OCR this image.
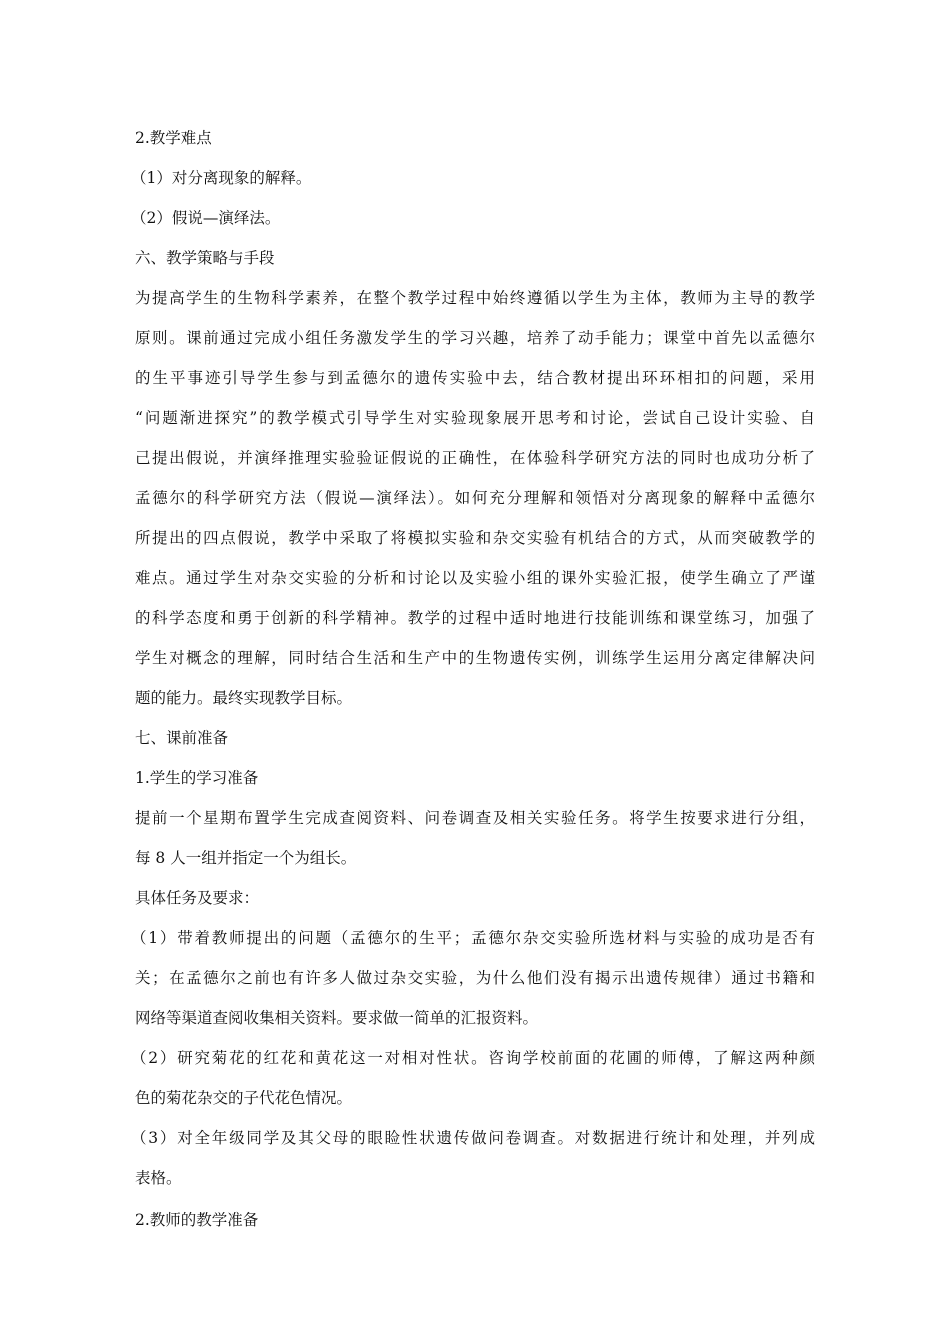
2.教学难点
（1）对分离现象的解释。
（2）假说—演绎法。
六、教学策略与手段
为提高学生的生物科学素养，在整个教学过程中始终遵循以学生为主体，教师为主导的教学
原则。课前通过完成小组任务激发学生的学习兴趣，培养了动手能力；课堂中首先以孟德尔
的生平事迹引导学生参与到孟德尔的遗传实验中去，结合教材提出环环相扣的问题，采用
“问题渐进探究”的教学模式引导学生对实验现象展开思考和讨论，尝试自己设计实验、自
己提出假说，并演绎推理实验验证假说的正确性，在体验科学研究方法的同时也成功分析了
孟德尔的科学研究方法（假说—演绎法）。如何充分理解和领悟对分离现象的解释中孟德尔
所提出的四点假说，教学中采取了将模拟实验和杂交实验有机结合的方式，从而突破教学的
难点。通过学生对杂交实验的分析和讨论以及实验小组的课外实验汇报，使学生确立了严谨
的科学态度和勇于创新的科学精神。教学的过程中适时地进行技能训练和课堂练习，加强了
学生对概念的理解，同时结合生活和生产中的生物遗传实例，训练学生运用分离定律解决问
题的能力。最终实现教学目标。
七、课前准备
1.学生的学习准备
提前一个星期布置学生完成查阅资料、问卷调查及相关实验任务。将学生按要求进行分组，
每 8 人一组并指定一个为组长。
具体任务及要求：
（1）带着教师提出的问题（孟德尔的生平；孟德尔杂交实验所选材料与实验的成功是否有
关；在孟德尔之前也有许多人做过杂交实验，为什么他们没有揭示出遗传规律）通过书籍和
网络等渠道查阅收集相关资料。要求做一简单的汇报资料。
（2）研究菊花的红花和黄花这一对相对性状。咨询学校前面的花圃的师傅，了解这两种颜
色的菊花杂交的子代花色情况。
（3）对全年级同学及其父母的眼睑性状遗传做问卷调查。对数据进行统计和处理，并列成
表格。
2.教师的教学准备
